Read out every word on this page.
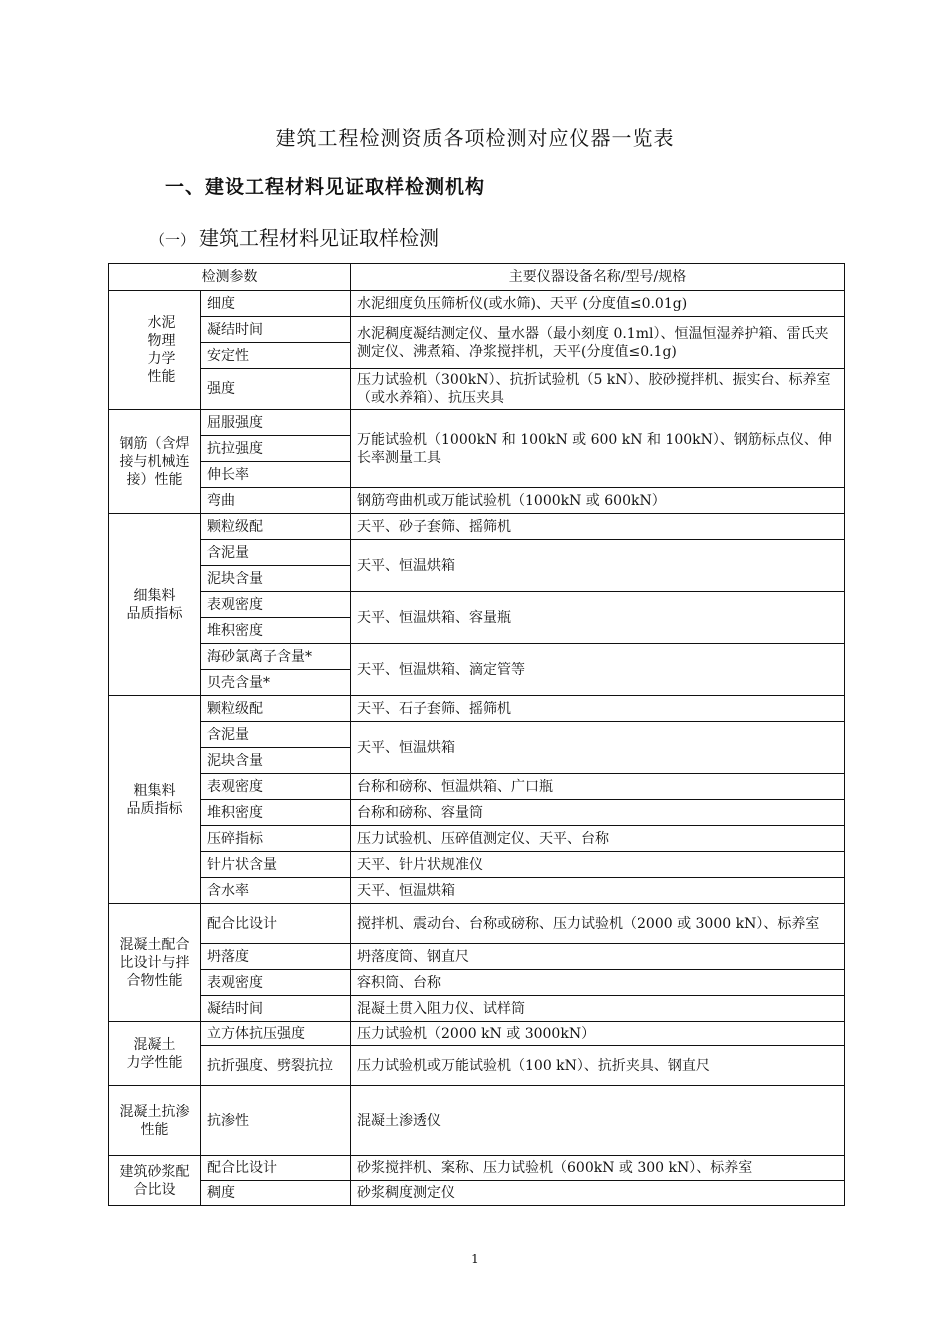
建筑工程检测资质各项检测对应仪器一览表
一、建设工程材料见证取样检测机构
（一） 建筑工程材料见证取样检测
检测参数		主要仪器设备名称/型号/规格

水泥
物理
力学
性能	细度	水泥细度负压筛析仪(或水筛)、天平 (分度值≤0.01g)
	凝结时间	水泥稠度凝结测定仪、量水器（最小刻度 0.1ml）、恒温恒湿养护箱、雷氏夹测定仪、沸煮箱、净浆搅拌机，天平(分度值≤0.1g)
	安定性	
	强度	压力试验机（300kN）、抗折试验机（5 kN）、胶砂搅拌机、振实台、标养室（或水养箱）、抗压夹具
钢筋（含焊接与机械连接）性能	屈服强度	万能试验机（1000kN 和 100kN 或 600 kN 和 100kN）、钢筋标点仪、伸长率测量工具
	抗拉强度	
	伸长率	
	弯曲	钢筋弯曲机或万能试验机（1000kN 或 600kN）
细集料
品质指标	颗粒级配	天平、砂子套筛、摇筛机
	含泥量	天平、恒温烘箱
	泥块含量	
	表观密度	天平、恒温烘箱、容量瓶
	堆积密度	
	海砂氯离子含量*	天平、恒温烘箱、滴定管等
	贝壳含量*	
粗集料
品质指标	颗粒级配	天平、石子套筛、摇筛机
	含泥量	天平、恒温烘箱
	泥块含量	
	表观密度	台称和磅称、恒温烘箱、广口瓶
	堆积密度	台称和磅称、容量筒
	压碎指标	压力试验机、压碎值测定仪、天平、台称
	针片状含量	天平、针片状规准仪
	含水率	天平、恒温烘箱
混凝土配合比设计与拌合物性能	配合比设计	搅拌机、震动台、台称或磅称、压力试验机（2000 或 3000 kN）、标养室
	坍落度	坍落度筒、钢直尺
	表观密度	容积筒、台称
	凝结时间	混凝土贯入阻力仪、试样筒
混凝土
力学性能	立方体抗压强度	压力试验机（2000 kN 或 3000kN）
	抗折强度、劈裂抗拉	压力试验机或万能试验机（100 kN）、抗折夹具、钢直尺
混凝土抗渗性能	抗渗性	混凝土渗透仪
建筑砂浆配合比设	配合比设计	砂浆搅拌机、案称、压力试验机（600kN 或 300 kN）、标养室
	稠度	砂浆稠度测定仪
1
